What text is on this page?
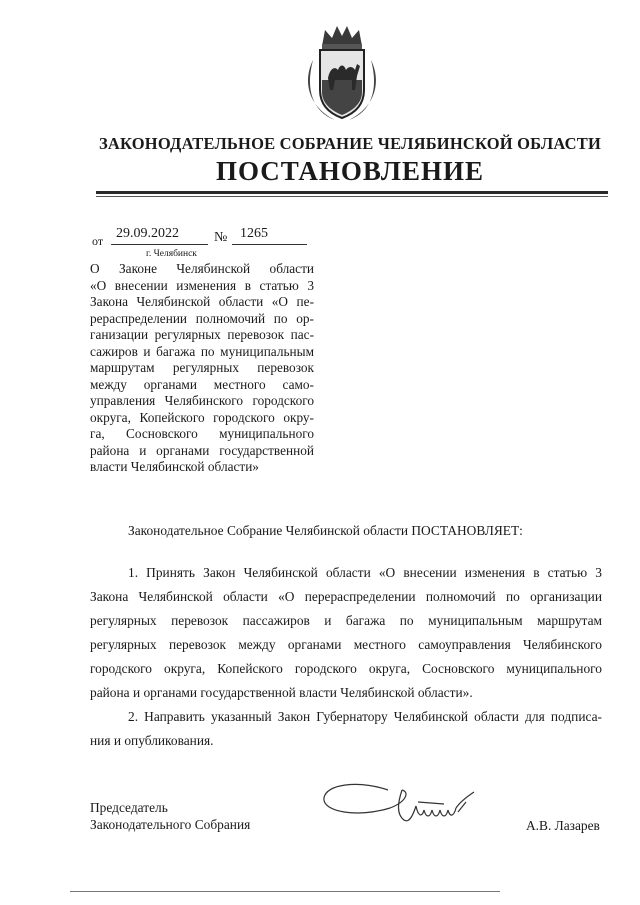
ЗАКОНОДАТЕЛЬНОЕ СОБРАНИЕ ЧЕЛЯБИНСКОЙ ОБЛАСТИ
ПОСТАНОВЛЕНИЕ
от 29.09.2022	№ 1265
г. Челябинск
О Законе Челябинской области
«О внесении изменения в статью 3
Закона Челябинской области «О пе-
рераспределении полномочий по ор-
ганизации регулярных перевозок пас-
сажиров и багажа по муниципальным
маршрутам регулярных перевозок
между органами местного само-
управления Челябинского городского
округа, Копейского городского окру-
га, Сосновского муниципального
района и органами государственной
власти Челябинской области»
Законодательное Собрание Челябинской области ПОСТАНОВЛЯЕТ:
1. Принять Закон Челябинской области «О внесении изменения в статью 3
Закона Челябинской области «О перераспределении полномочий по организации
регулярных перевозок пассажиров и багажа по муниципальным маршрутам
регулярных перевозок между органами местного самоуправления Челябинского
городского округа, Копейского городского округа, Сосновского муниципального
района и органами государственной власти Челябинской области».
2. Направить указанный Закон Губернатору Челябинской области для подписа-
ния и опубликования.
Председатель
Законодательного Собрания	А.В. Лазарев
